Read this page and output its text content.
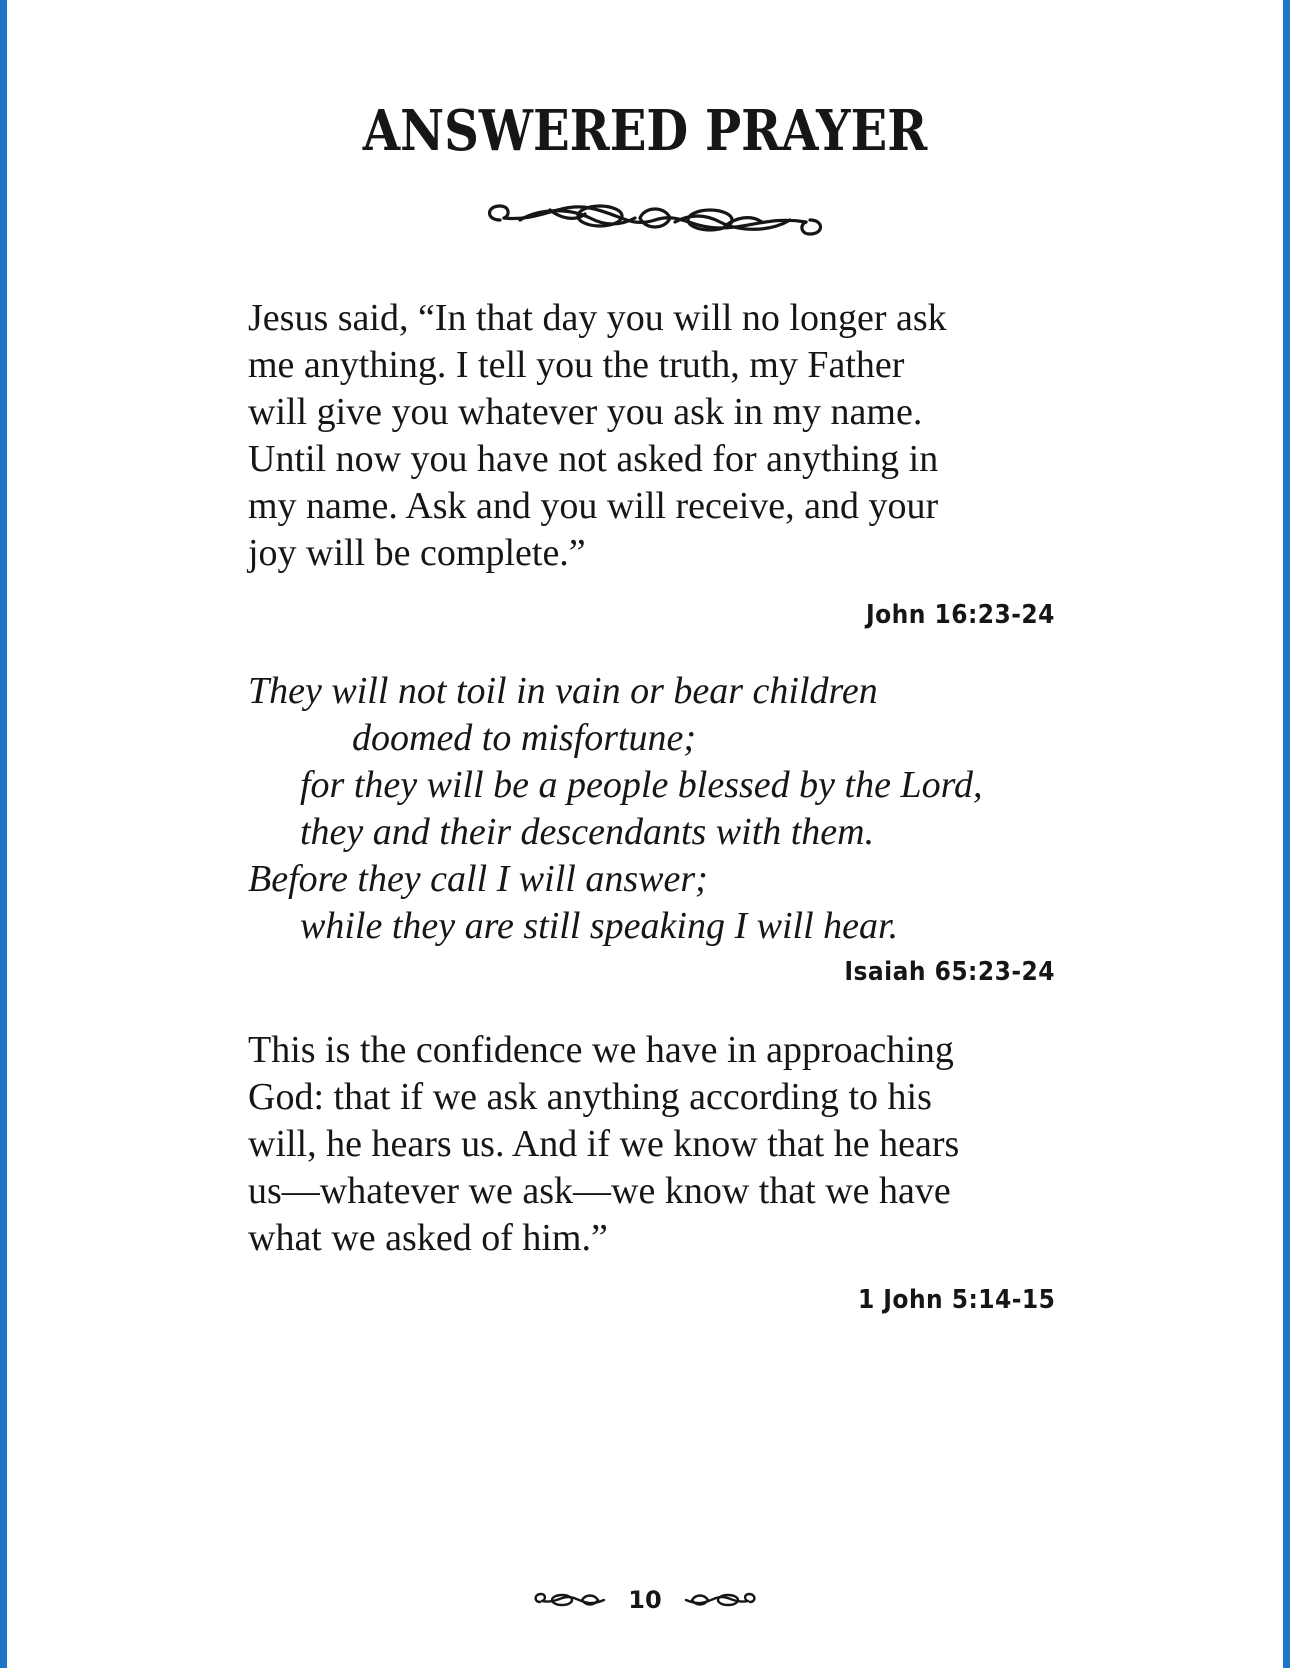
ANSWERED PRAYER

Jesus said, “In that day you will no longer ask

me anything. I tell you the truth, my Father

will give you whatever you ask in my name.

Until now you have not asked for anything in

my name. Ask and you will receive, and your

joy will be complete.”

John 16:23-24

They will not toil in vain or bear children

doomed to misfortune;

for they will be a people blessed by the Lord,

they and their descendants with them.

Before they call I will answer;

while they are still speaking I will hear.

Isaiah 65:23-24

This is the confidence we have in approaching

God: that if we ask anything according to his

will, he hears us. And if we know that he hears

us—whatever we ask—we know that we have

what we asked of him.”

1 John 5:14-15
10
